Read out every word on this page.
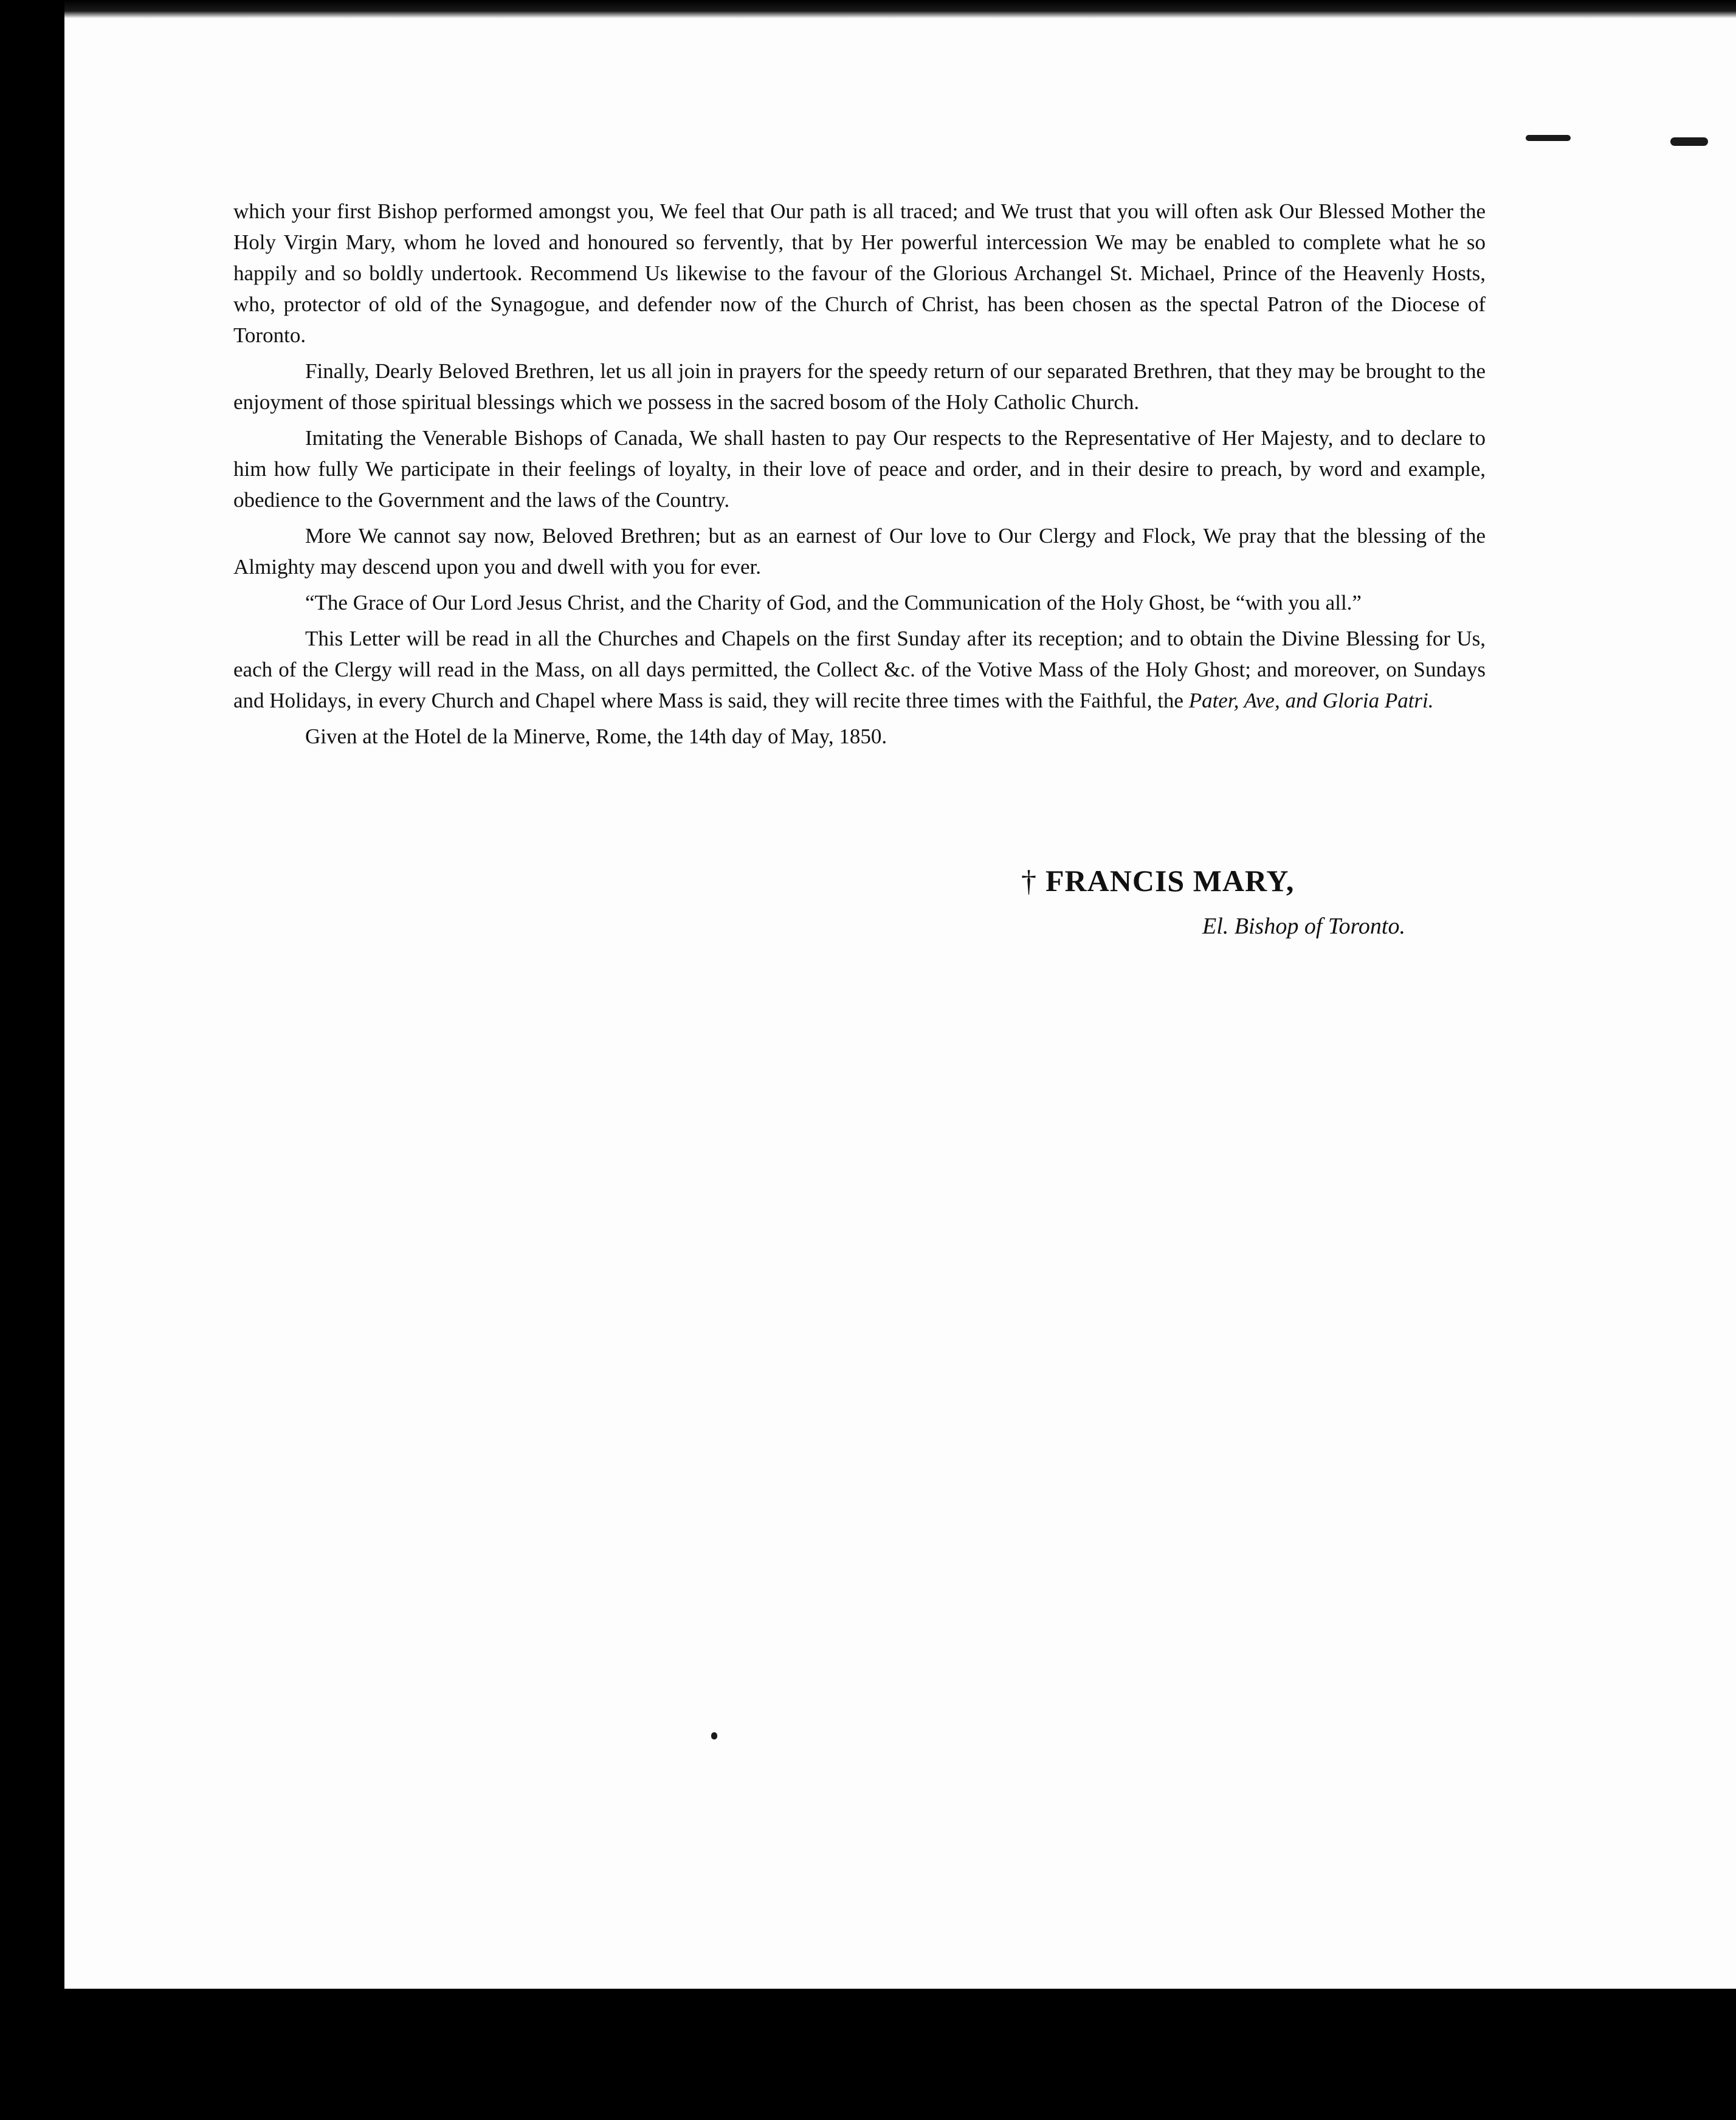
which your first Bishop performed amongst you, We feel that Our path is all traced; and We trust that you will often ask Our Blessed Mother the Holy Virgin Mary, whom he loved and honoured so fervently, that by Her powerful intercession We may be enabled to complete what he so happily and so boldly undertook. Recommend Us likewise to the favour of the Glorious Archangel St. Michael, Prince of the Heavenly Hosts, who, protector of old of the Synagogue, and defender now of the Church of Christ, has been chosen as the spectal Patron of the Diocese of Toronto.

Finally, Dearly Beloved Brethren, let us all join in prayers for the speedy return of our separated Brethren, that they may be brought to the enjoyment of those spiritual blessings which we possess in the sacred bosom of the Holy Catholic Church.

Imitating the Venerable Bishops of Canada, We shall hasten to pay Our respects to the Representative of Her Majesty, and to declare to him how fully We participate in their feelings of loyalty, in their love of peace and order, and in their desire to preach, by word and example, obedience to the Government and the laws of the Country.

More We cannot say now, Beloved Brethren; but as an earnest of Our love to Our Clergy and Flock, We pray that the blessing of the Almighty may descend upon you and dwell with you for ever.

“The Grace of Our Lord Jesus Christ, and the Charity of God, and the Communication of the Holy Ghost, be “with you all.”

This Letter will be read in all the Churches and Chapels on the first Sunday after its reception; and to obtain the Divine Blessing for Us, each of the Clergy will read in the Mass, on all days permitted, the Collect &c. of the Votive Mass of the Holy Ghost; and moreover, on Sundays and Holidays, in every Church and Chapel where Mass is said, they will recite three times with the Faithful, the Pater, Ave, and Gloria Patri.

Given at the Hotel de la Minerve, Rome, the 14th day of May, 1850.

† FRANCIS MARY,
El. Bishop of Toronto.
